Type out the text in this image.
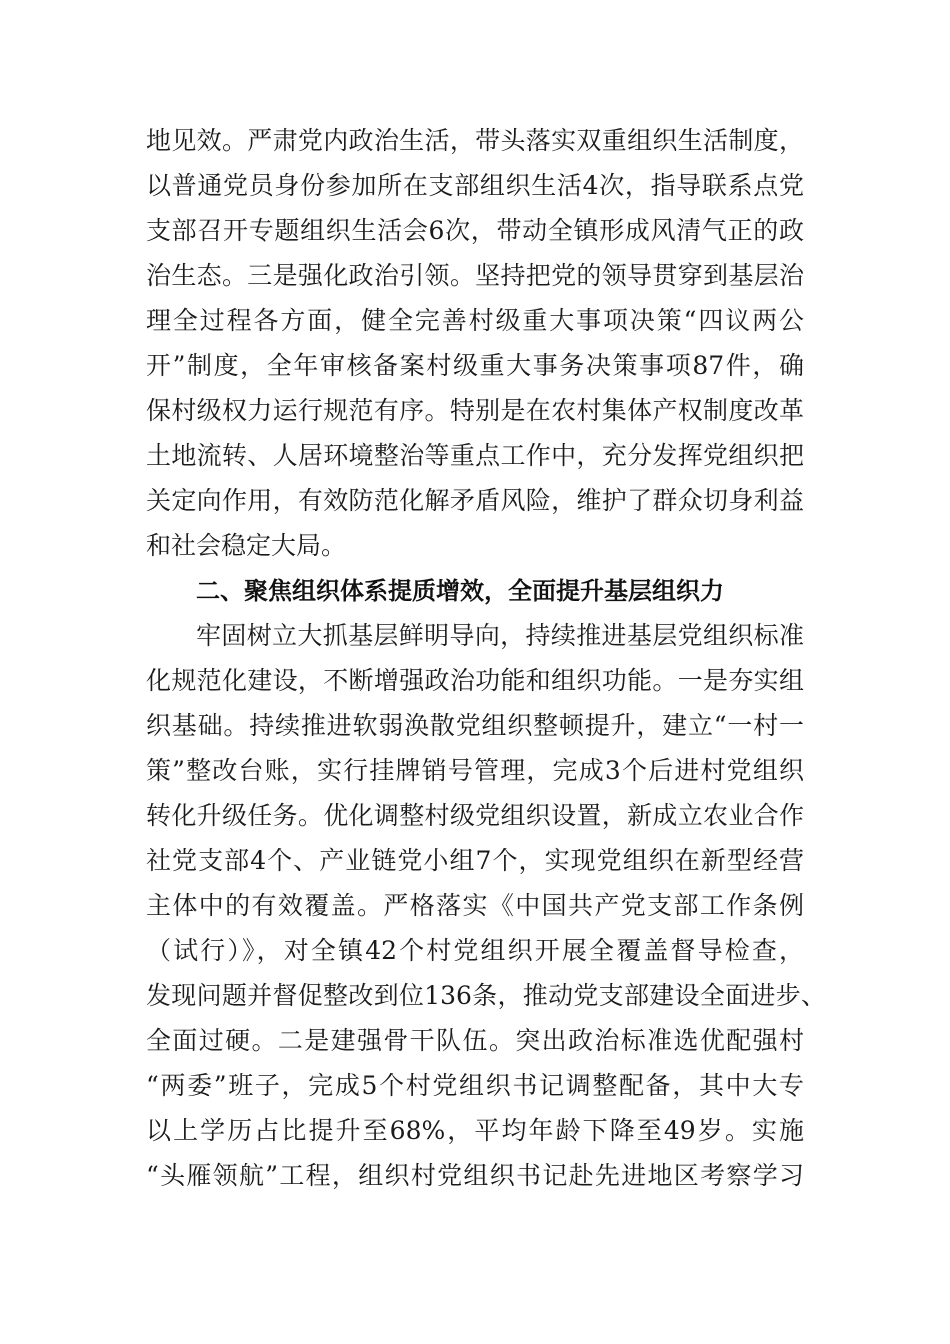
地见效。严肃党内政治生活，带头落实双重组织生活制度，
以普通党员身份参加所在支部组织生活4次，指导联系点党
支部召开专题组织生活会6次，带动全镇形成风清气正的政
治生态。三是强化政治引领。坚持把党的领导贯穿到基层治
理全过程各方面，健全完善村级重大事项决策“四议两公
开”制度，全年审核备案村级重大事务决策事项87件，确
保村级权力运行规范有序。特别是在农村集体产权制度改革
土地流转、人居环境整治等重点工作中，充分发挥党组织把
关定向作用，有效防范化解矛盾风险，维护了群众切身利益
和社会稳定大局。
二、聚焦组织体系提质增效，全面提升基层组织力
牢固树立大抓基层鲜明导向，持续推进基层党组织标准
化规范化建设，不断增强政治功能和组织功能。一是夯实组
织基础。持续推进软弱涣散党组织整顿提升，建立“一村一
策”整改台账，实行挂牌销号管理，完成3个后进村党组织
转化升级任务。优化调整村级党组织设置，新成立农业合作
社党支部4个、产业链党小组7个，实现党组织在新型经营
主体中的有效覆盖。严格落实《中国共产党支部工作条例
（试行）》，对全镇42个村党组织开展全覆盖督导检查，
发现问题并督促整改到位136条，推动党支部建设全面进步、
全面过硬。二是建强骨干队伍。突出政治标准选优配强村
“两委”班子，完成5个村党组织书记调整配备，其中大专
以上学历占比提升至68%，平均年龄下降至49岁。实施
“头雁领航”工程，组织村党组织书记赴先进地区考察学习
